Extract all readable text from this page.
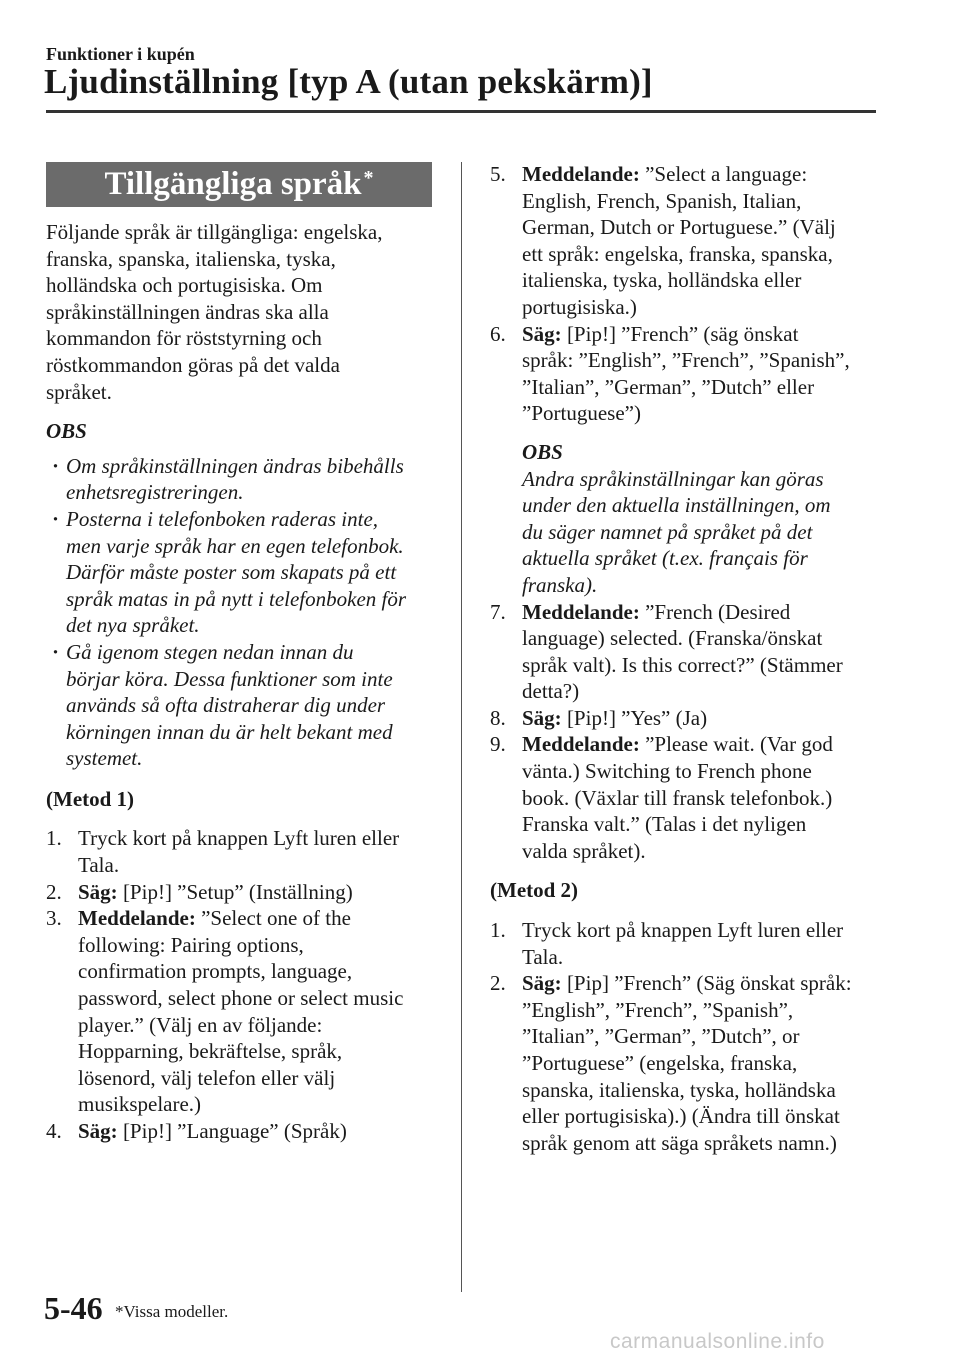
Funktioner i kupén
Ljudinställning [typ A (utan pekskärm)]
Tillgängliga språk*

Följande språk är tillgängliga: engelska,
franska, spanska, italienska, tyska,
holländska och portugisiska. Om
språkinställningen ändras ska alla
kommandon för röststyrning och
röstkommandon göras på det valda
språket.

OBS

· Om språkinställningen ändras bibehålls
enhetsregistreringen.
· Posterna i telefonboken raderas inte,
men varje språk har en egen telefonbok.
Därför måste poster som skapats på ett
språk matas in på nytt i telefonboken för
det nya språket.
· Gå igenom stegen nedan innan du
börjar köra. Dessa funktioner som inte
används så ofta distraherar dig under
körningen innan du är helt bekant med
systemet.

(Metod 1)

1. Tryck kort på knappen Lyft luren eller
Tala.
2. Säg: [Pip!] ”Setup” (Inställning)
3. Meddelande: ”Select one of the
following: Pairing options,
confirmation prompts, language,
password, select phone or select music
player.” (Välj en av följande:
Hopparning, bekräftelse, språk,
lösenord, välj telefon eller välj
musikspelare.)
4. Säg: [Pip!] ”Language” (Språk)
5. Meddelande: ”Select a language:
English, French, Spanish, Italian,
German, Dutch or Portuguese.” (Välj
ett språk: engelska, franska, spanska,
italienska, tyska, holländska eller
portugisiska.)
6. Säg: [Pip!] ”French” (säg önskat
språk: ”English”, ”French”, ”Spanish”,
”Italian”, ”German”, ”Dutch” eller
”Portuguese”)

OBS

Andra språkinställningar kan göras
under den aktuella inställningen, om
du säger namnet på språket på det
aktuella språket (t.ex. français för
franska).

7. Meddelande: ”French (Desired
language) selected. (Franska/önskat
språk valt). Is this correct?” (Stämmer
detta?)
8. Säg: [Pip!] ”Yes” (Ja)
9. Meddelande: ”Please wait. (Var god
vänta.) Switching to French phone
book. (Växlar till fransk telefonbok.)
Franska valt.” (Talas i det nyligen
valda språket).

(Metod 2)

1. Tryck kort på knappen Lyft luren eller
Tala.
2. Säg: [Pip] ”French” (Säg önskat språk:
”English”, ”French”, ”Spanish”,
”Italian”, ”German”, ”Dutch”, or
”Portuguese” (engelska, franska,
spanska, italienska, tyska, holländska
eller portugisiska).) (Ändra till önskat
språk genom att säga språkets namn.)
5-46 *Vissa modeller.
carmanualsonline.info
